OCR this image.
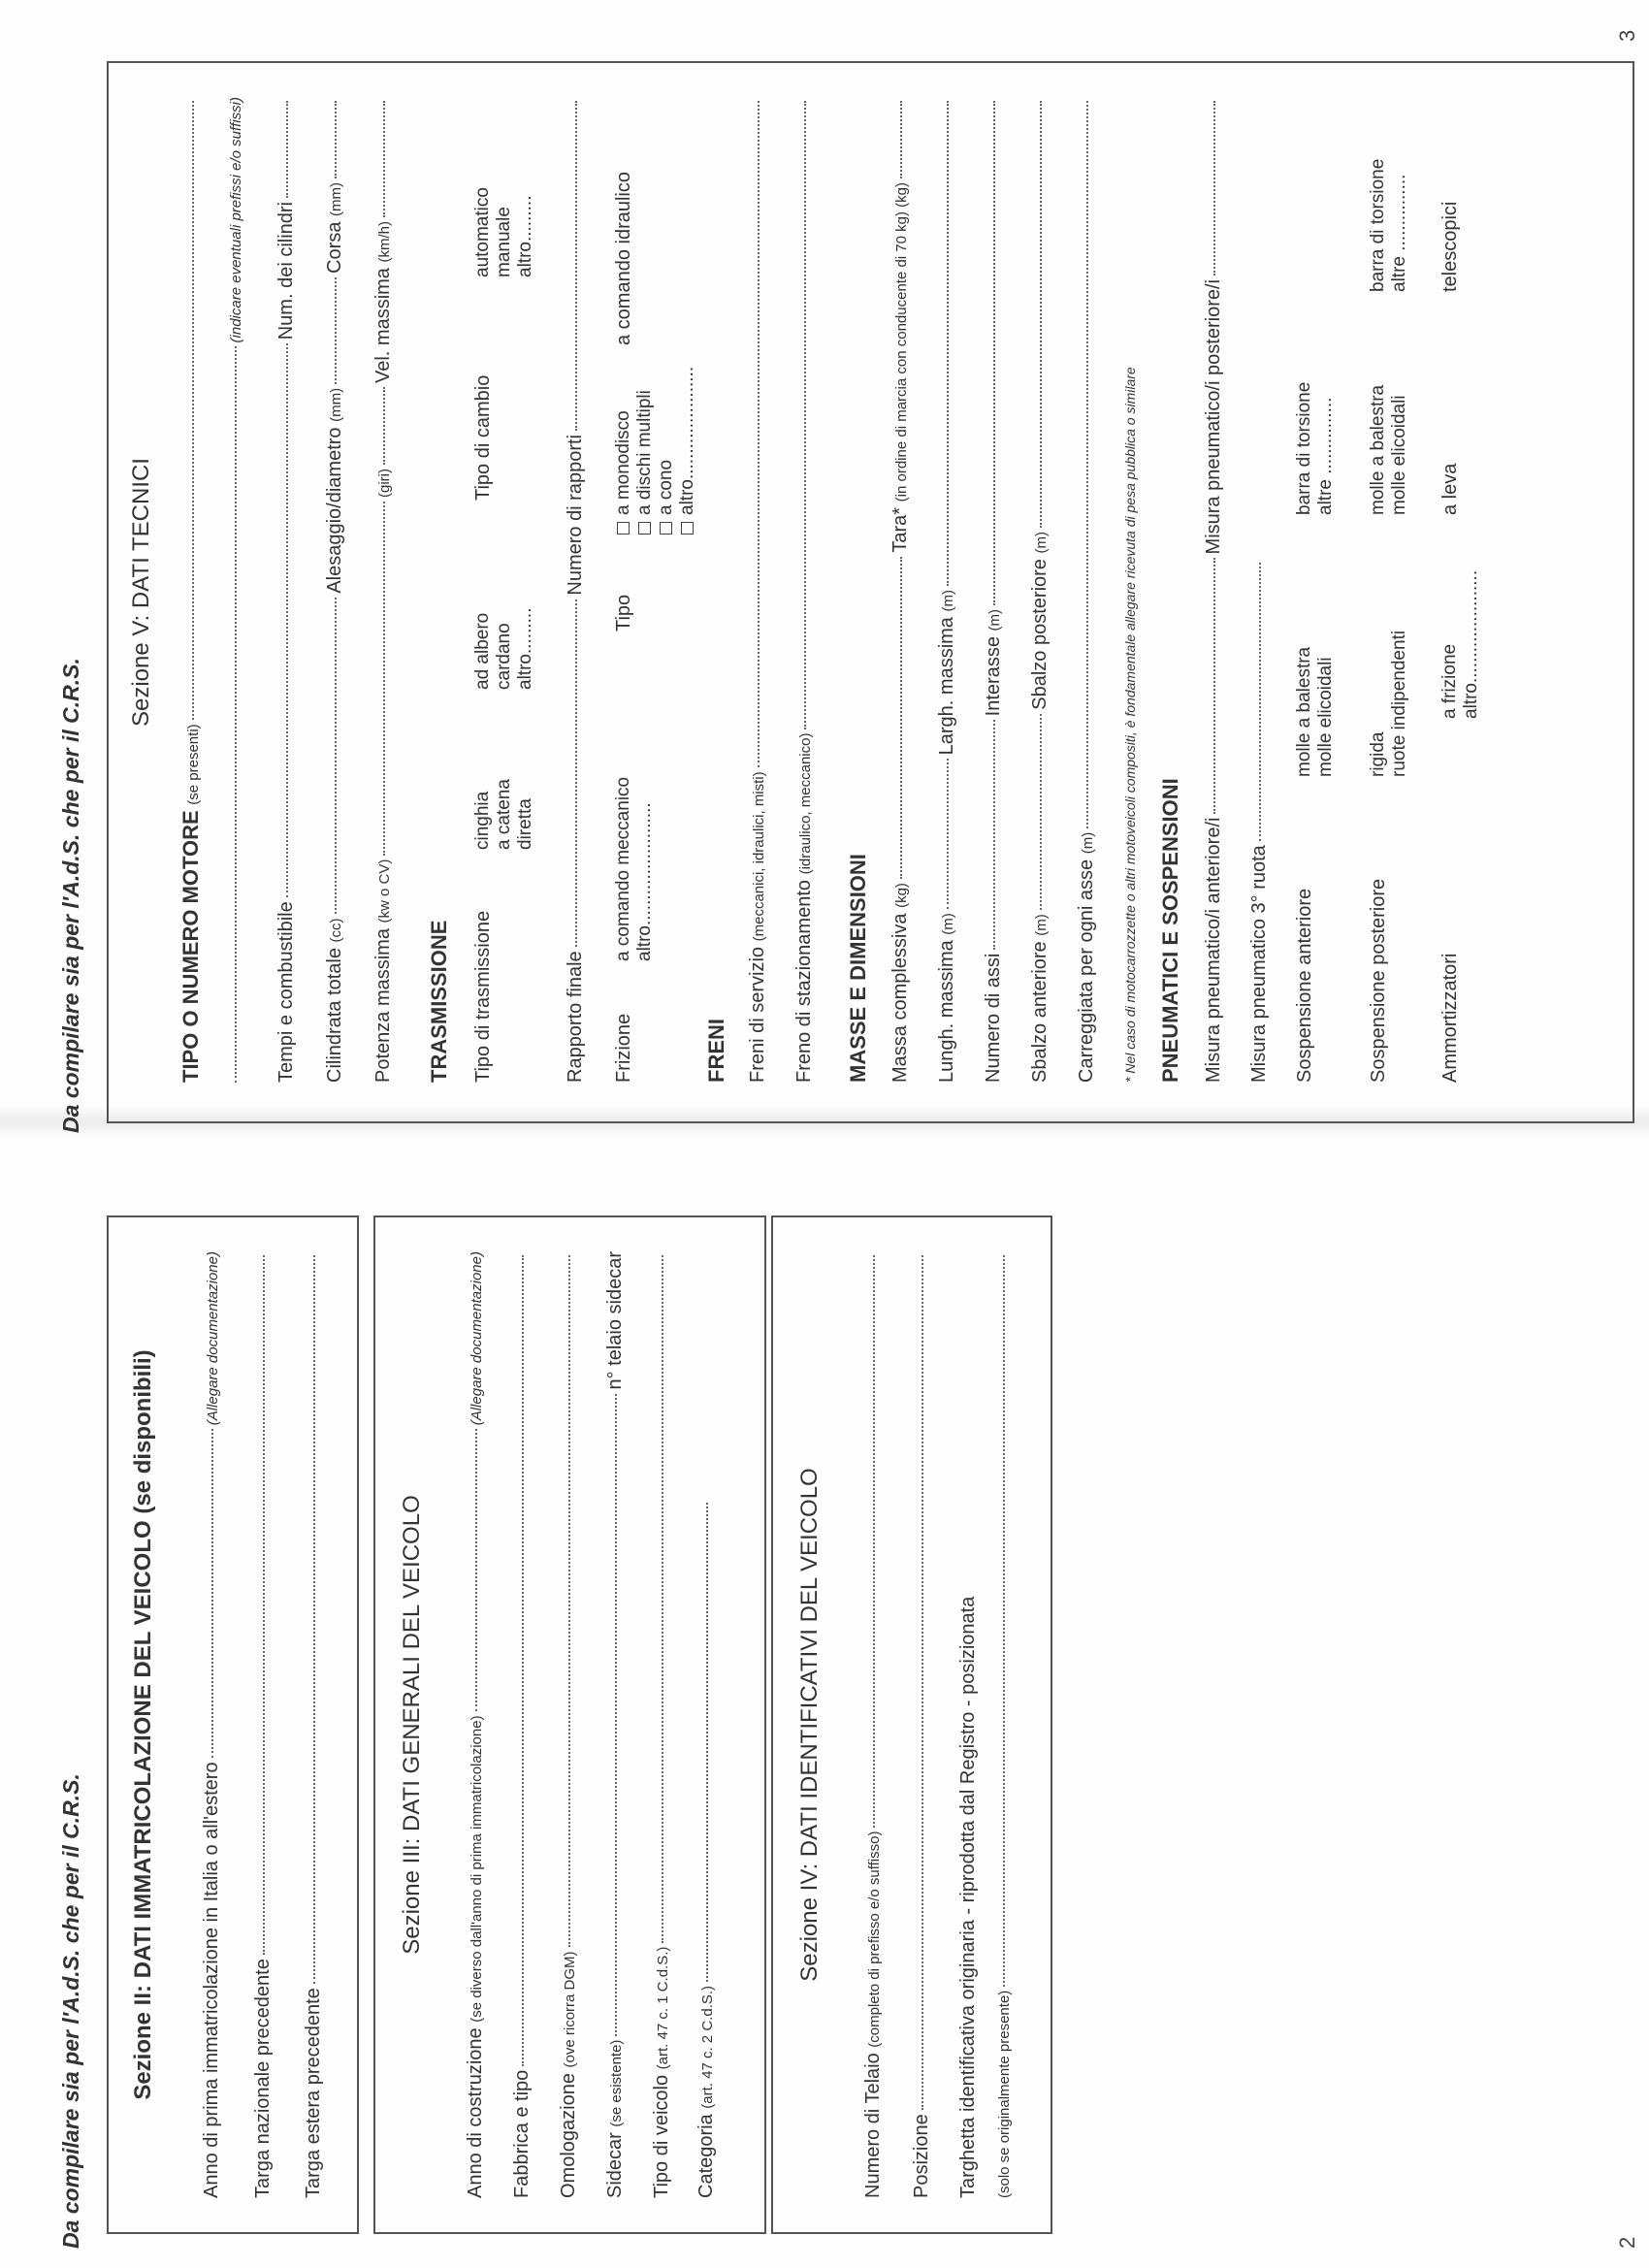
2
Da compilare sia per l'A.d.S. che per il C.R.S. Sezione II: DATI IMMATRICOLAZIONE DEL VEICOLO (se disponibili) Anno di prima immatricolazione in Italia o all'estero
(Allegare documentazione)
Targa nazionale precedente Targa estera precedente
Sezione III: DATI GENERALI DEL VEICOLO
Anno di costruzione (se diverso dall'anno di prima immatricolazione)
(Allegare documentazione)
Fabbrica e tipo Omologazione (ove ricorra DGM)
Sidecar (se esistente)
n° telaio sidecar
Tipo di veicolo (art. 47 c. 1 C.d.S.)
Categoria (art. 47 c. 2 C.d.S.)
Sezione IV: DATI IDENTIFICATIVI DEL VEICOLO
Numero di Telaio (completo di prefisso e/o suffisso)
Posizione Targhetta identificativa originaria - riprodotta dal Registro - posizionata (solo se originalmente presente)
3
Da compilare sia per l'A.d.S. che per il C.R.S.
Sezione V: DATI TECNICI
TIPO O NUMERO MOTORE (se presenti)
(indicare eventuali prefissi e/o suffissi)
Tempi e combustibile
Num. dei cilindri
Cilindrata totale (cc)
Alesaggio/diametro (mm)
Corsa (mm)
Potenza massima (kw o CV)
(giri)
Vel. massima (km/h)
TRASMISSIONE Tipo di trasmissione
cinghia a catena diretta
ad albero cardano altro.........
Tipo di cambio
automatico manuale altro.........
Rapporto finale
Numero di rapporti
Frizione
a comando meccanico altro........................
Tipo
a monodisco a dischi multipli a cono altro......................
a comando idraulico
FRENI Freni di servizio (meccanici, idraulici, misti)
Freno di stazionamento (idraulico, meccanico)
MASSE E DIMENSIONI Massa complessiva (kg)
Tara* (in ordine di marcia con conducente di 70 kg) (kg)
Lungh. massima (m)
Largh. massima (m)
Numero di assi
Interasse (m)
Sbalzo anteriore (m)
Sbalzo posteriore (m)
Carreggiata per ogni asse (m) * Nel caso di motocarrozzette o altri motoveicoli compositi, è fondamentale allegare ricevuta di pesa pubblica o similare PNEUMATICI E SOSPENSIONI Misura pneumatico/i anteriore/i
Misura pneumatico/i posteriore/i
Misura pneumatico 3° ruota Sospensione anteriore
molle a balestra molle elicoidali
barra di torsione altre ...............
Sospensione posteriore
rigida ruote indipendenti
molle a balestra molle elicoidali
barra di torsione altre ...............
Ammortizzatori
a frizione altro......................
a leva
telescopici
